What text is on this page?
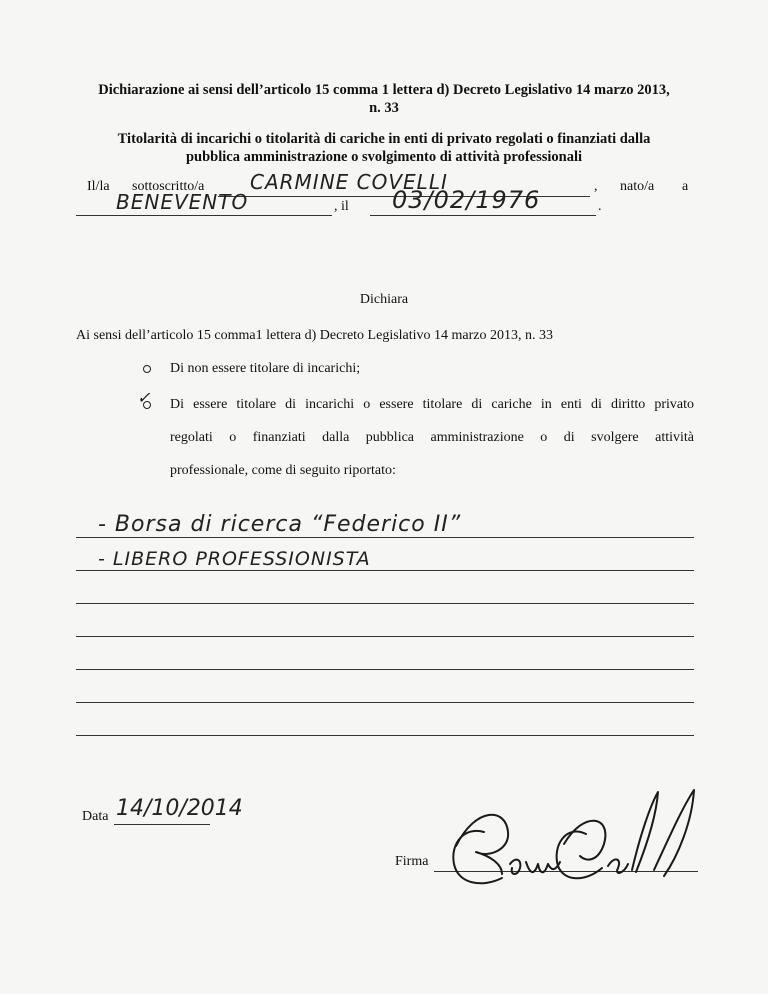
Dichiarazione ai sensi dell’articolo 15 comma 1 lettera d) Decreto Legislativo 14 marzo 2013,
n. 33
Titolarità di incarichi o titolarità di cariche in enti di privato regolati o finanziati dalla
pubblica amministrazione o svolgimento di attività professionali
Il/la sottoscritto/a CARMINE COVELLI	, nato/a a
BENEVENTO	, il 03/02/1976	.
Dichiara
Ai sensi dell’articolo 15 comma1 lettera d) Decreto Legislativo 14 marzo 2013, n. 33
Di non essere titolare di incarichi;
✓ Di essere titolare di incarichi o essere titolare di cariche in enti di diritto privato
regolati o finanziati dalla pubblica amministrazione o di svolgere attività
professionale, come di seguito riportato:
- Borsa di ricerca “Federico II”
- LIBERO PROFESSIONISTA
Data 14/10/2014
Firma
